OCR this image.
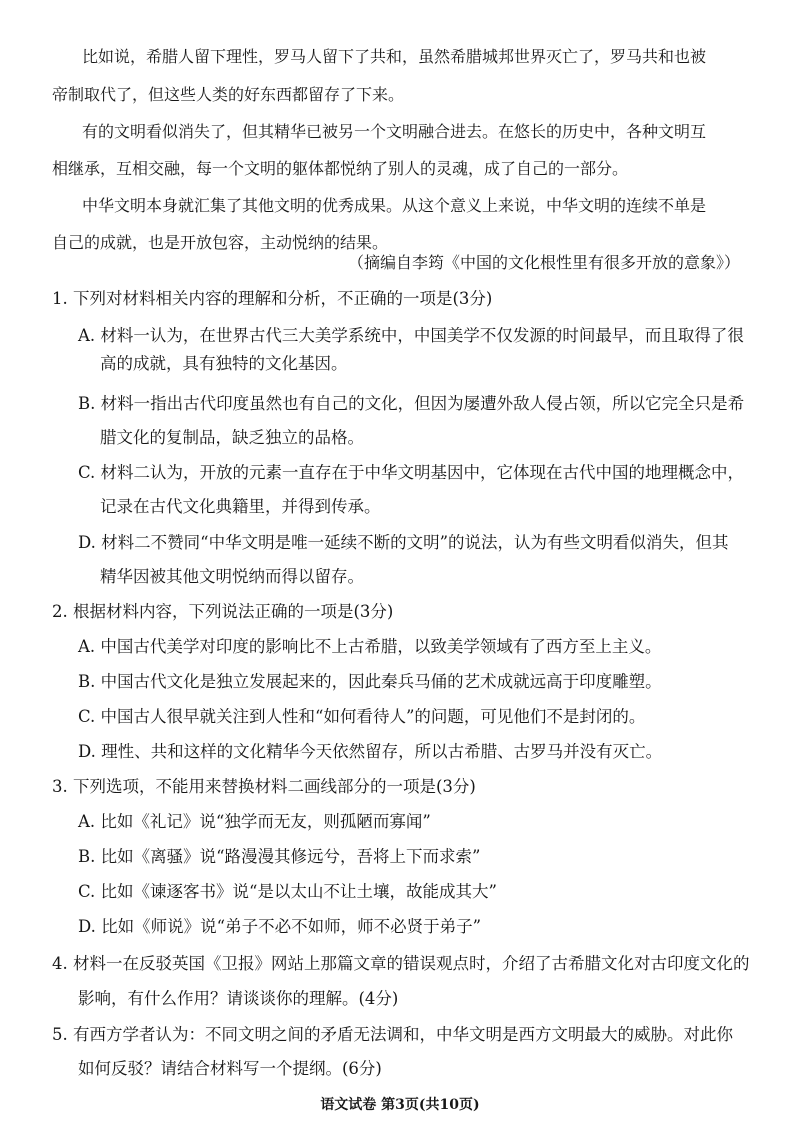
比如说，希腊人留下理性，罗马人留下了共和，虽然希腊城邦世界灭亡了，罗马共和也被
帝制取代了，但这些人类的好东西都留存了下来。
有的文明看似消失了，但其精华已被另一个文明融合进去。在悠长的历史中，各种文明互
相继承，互相交融，每一个文明的躯体都悦纳了别人的灵魂，成了自己的一部分。
中华文明本身就汇集了其他文明的优秀成果。从这个意义上来说，中华文明的连续不单是
自己的成就，也是开放包容，主动悦纳的结果。
（摘编自李筠《中国的文化根性里有很多开放的意象》）
1. 下列对材料相关内容的理解和分析，不正确的一项是(3分)
A. 材料一认为，在世界古代三大美学系统中，中国美学不仅发源的时间最早，而且取得了很
高的成就，具有独特的文化基因。
B. 材料一指出古代印度虽然也有自己的文化，但因为屡遭外敌人侵占领，所以它完全只是希
腊文化的复制品，缺乏独立的品格。
C. 材料二认为，开放的元素一直存在于中华文明基因中，它体现在古代中国的地理概念中，
记录在古代文化典籍里，并得到传承。
D. 材料二不赞同“中华文明是唯一延续不断的文明”的说法，认为有些文明看似消失，但其
精华因被其他文明悦纳而得以留存。
2. 根据材料内容，下列说法正确的一项是(3分)
A. 中国古代美学对印度的影响比不上古希腊，以致美学领域有了西方至上主义。
B. 中国古代文化是独立发展起来的，因此秦兵马俑的艺术成就远高于印度雕塑。
C. 中国古人很早就关注到人性和“如何看待人”的问题，可见他们不是封闭的。
D. 理性、共和这样的文化精华今天依然留存，所以古希腊、古罗马并没有灭亡。
3. 下列选项，不能用来替换材料二画线部分的一项是(3分)
A. 比如《礼记》说“独学而无友，则孤陋而寡闻”
B. 比如《离骚》说“路漫漫其修远兮，吾将上下而求索”
C. 比如《谏逐客书》说“是以太山不让土壤，故能成其大”
D. 比如《师说》说“弟子不必不如师，师不必贤于弟子”
4. 材料一在反驳英国《卫报》网站上那篇文章的错误观点时，介绍了古希腊文化对古印度文化的
影响，有什么作用？请谈谈你的理解。(4分)
5. 有西方学者认为：不同文明之间的矛盾无法调和，中华文明是西方文明最大的威胁。对此你
如何反驳？请结合材料写一个提纲。(6分)
语文试卷 第3页(共10页)
